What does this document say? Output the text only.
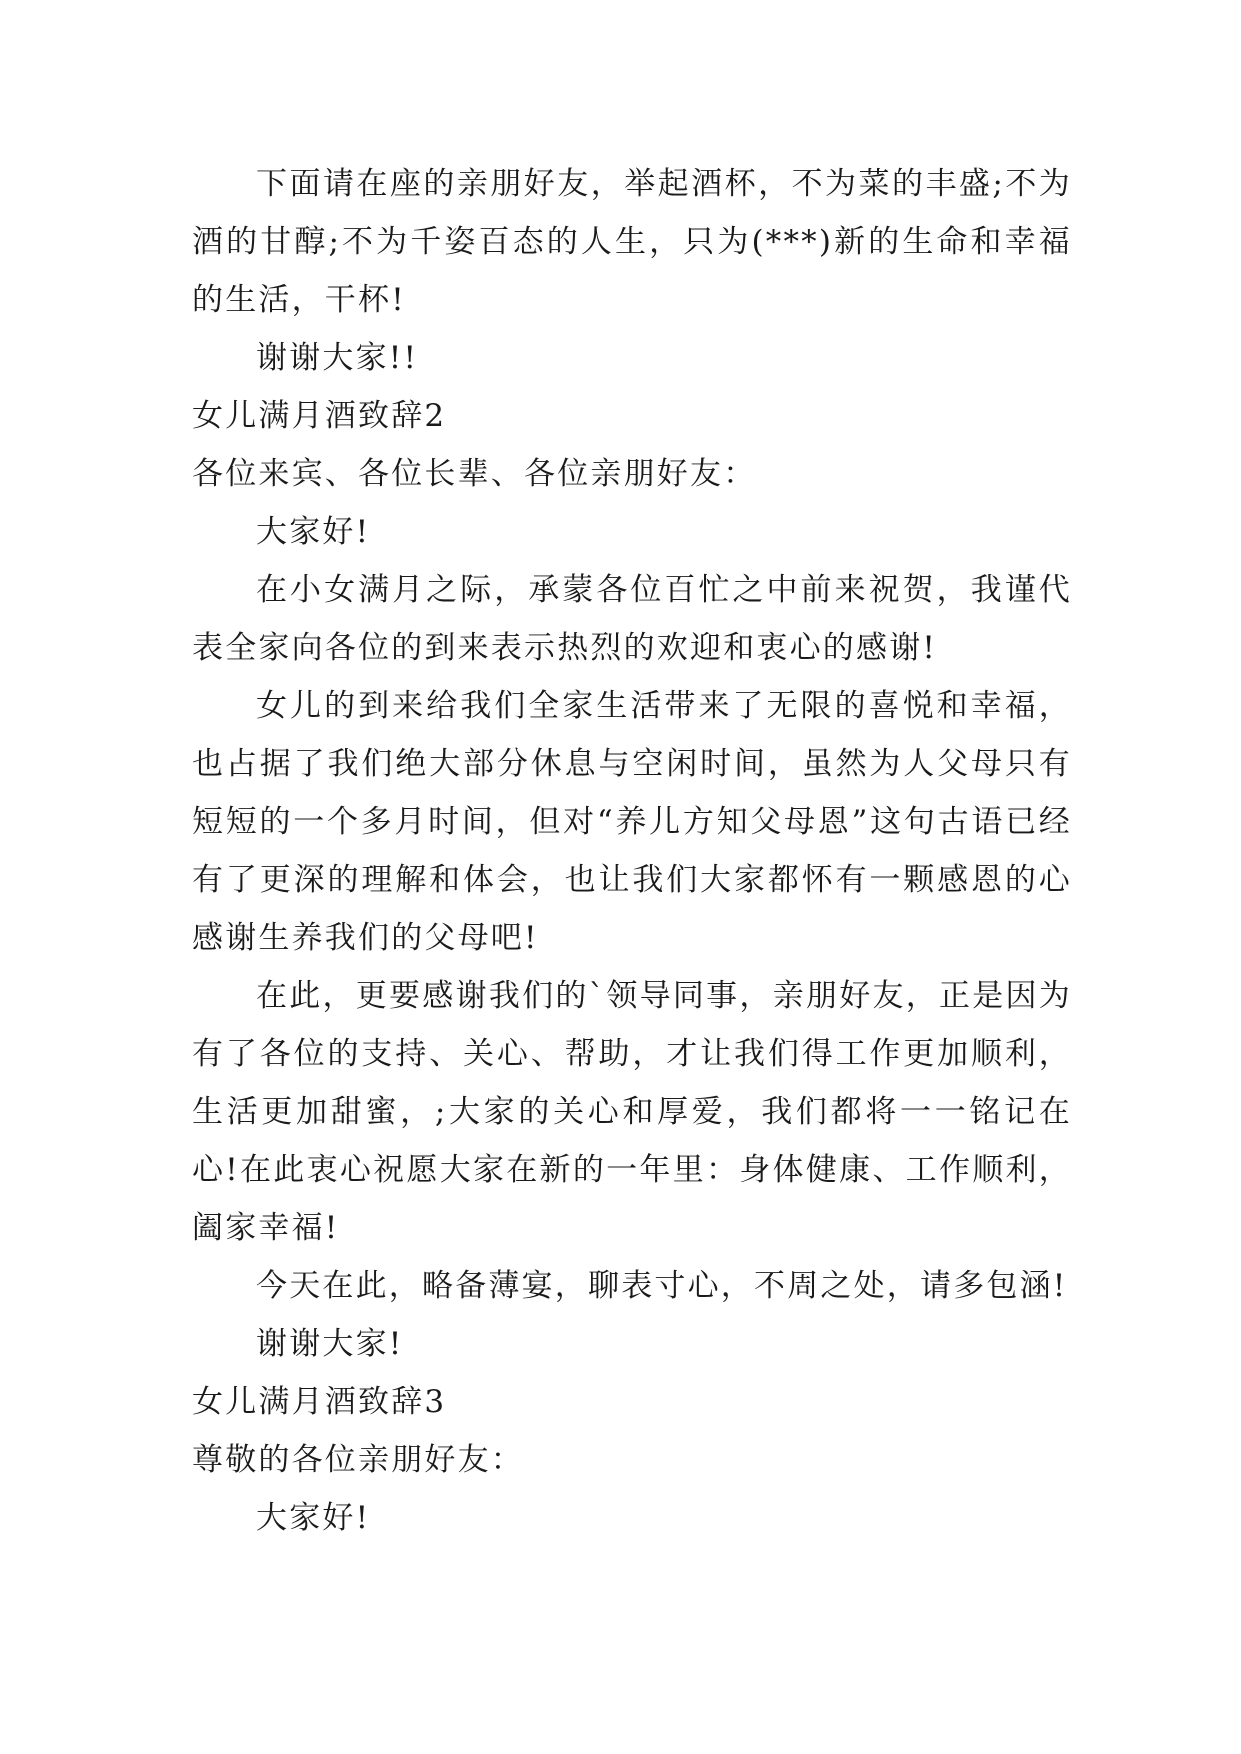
下面请在座的亲朋好友，举起酒杯，不为菜的丰盛;不为酒的甘醇;不为千姿百态的人生，只为(***)新的生命和幸福的生活，干杯!

谢谢大家!!

女儿满月酒致辞2

各位来宾、各位长辈、各位亲朋好友：

大家好!

在小女满月之际，承蒙各位百忙之中前来祝贺，我谨代表全家向各位的到来表示热烈的欢迎和衷心的感谢!

女儿的到来给我们全家生活带来了无限的喜悦和幸福，也占据了我们绝大部分休息与空闲时间，虽然为人父母只有短短的一个多月时间，但对“养儿方知父母恩”这句古语已经有了更深的理解和体会，也让我们大家都怀有一颗感恩的心感谢生养我们的父母吧!

在此，更要感谢我们的`领导同事，亲朋好友，正是因为有了各位的支持、关心、帮助，才让我们得工作更加顺利，生活更加甜蜜，;大家的关心和厚爱，我们都将一一铭记在心!在此衷心祝愿大家在新的一年里：身体健康、工作顺利，阖家幸福!

今天在此，略备薄宴，聊表寸心，不周之处，请多包涵!

谢谢大家!

女儿满月酒致辞3

尊敬的各位亲朋好友：

大家好!
